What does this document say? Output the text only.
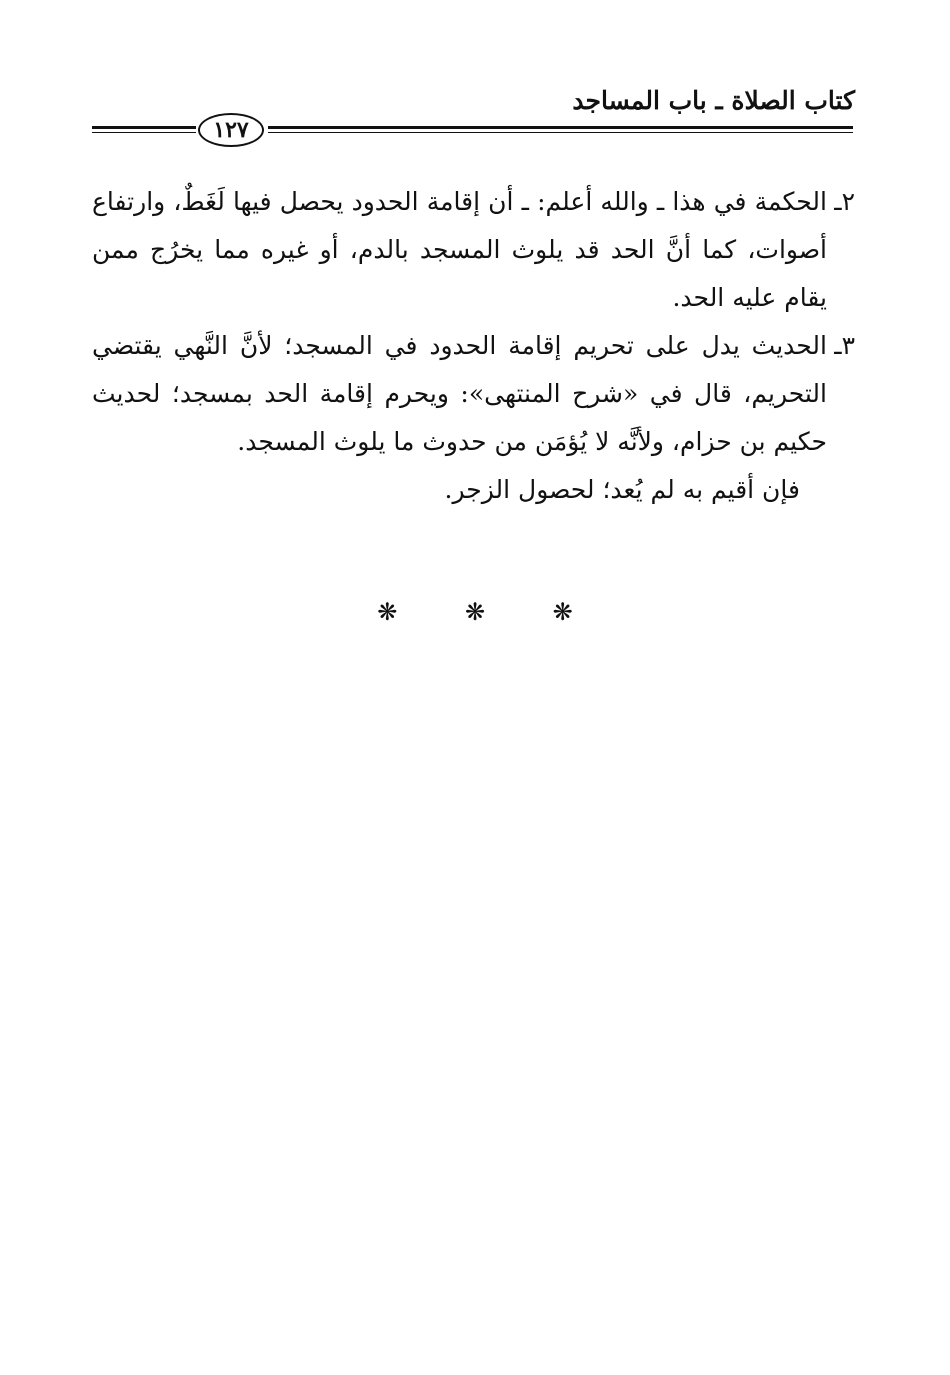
كتاب الصلاة ـ باب المساجد
١٢٧

٢ـالحكمة في هذا ـ والله أعلم: ـ أن إقامة الحدود يحصل فيها لَغَطٌ، وارتفاع أصوات، كما أنَّ الحد قد يلوث المسجد بالدم، أو غيره مما يخرُج ممن يقام عليه الحد.

٣ـالحديث يدل على تحريم إقامة الحدود في المسجد؛ لأنَّ النَّهي يقتضي التحريم، قال في «شرح المنتهى»: ويحرم إقامة الحد بمسجد؛ لحديث حكيم بن حزام، ولأنَّه لا يُؤمَن من حدوث ما يلوث المسجد.

فإن أقيم به لم يُعد؛ لحصول الزجر.

❋ ❋ ❋
